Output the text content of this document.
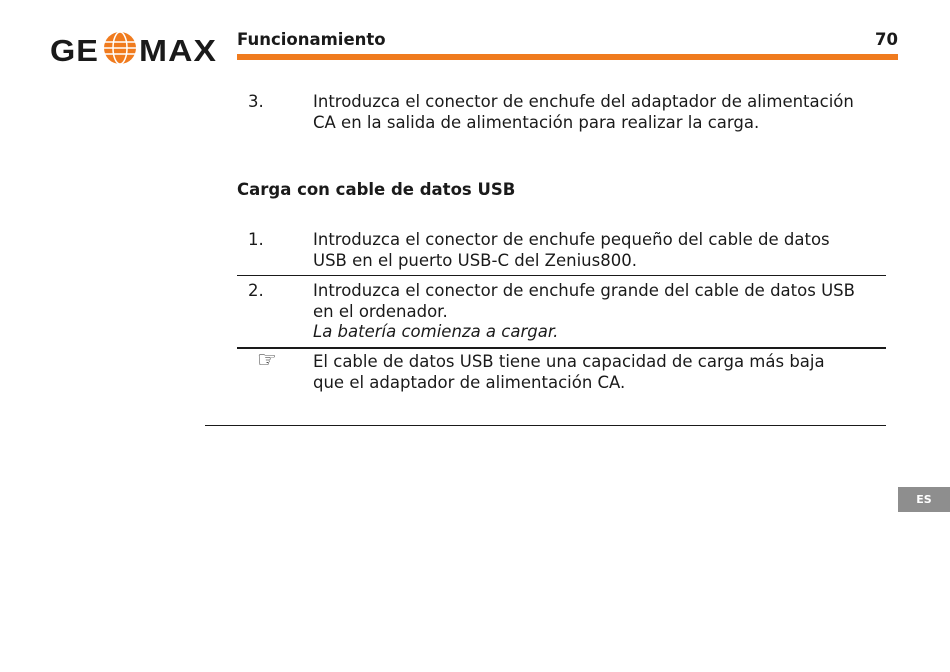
GE MAX Funcionamiento	70
3.	Introduzca el conector de enchufe del adaptador de alimentación
CA en la salida de alimentación para realizar la carga.
Carga con cable de datos USB
1.	Introduzca el conector de enchufe pequeño del cable de datos
USB en el puerto USB-C del Zenius800.
2.	Introduzca el conector de enchufe grande del cable de datos USB
en el ordenador.
La batería comienza a cargar.
☞ El cable de datos USB tiene una capacidad de carga más baja
que el adaptador de alimentación CA.
ES
